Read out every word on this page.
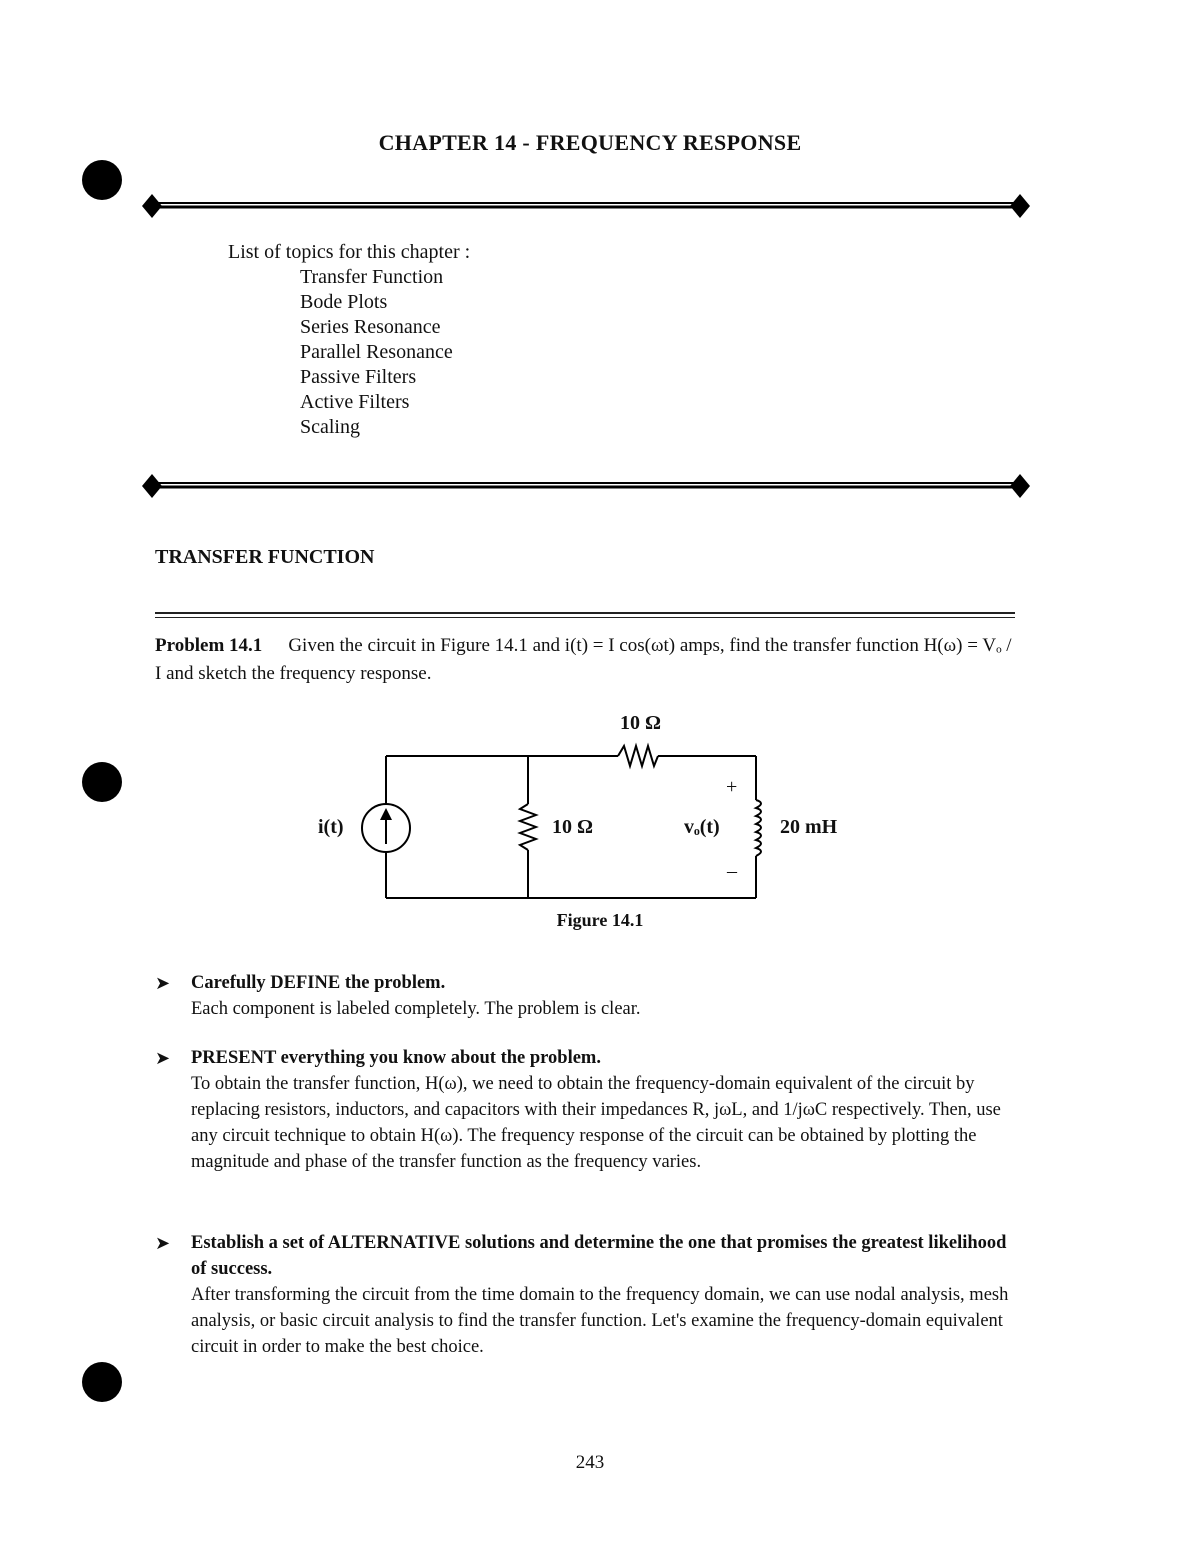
CHAPTER 14 - FREQUENCY RESPONSE
List of topics for this chapter :
Transfer Function
Bode Plots
Series Resonance
Parallel Resonance
Passive Filters
Active Filters
Scaling
TRANSFER FUNCTION
Problem 14.1 Given the circuit in Figure 14.1 and i(t) = I cos(ωt) amps, find the transfer function H(ω) = Vₒ / I and sketch the frequency response.
i(t)
10 Ω
10 Ω	vₒ(t)
+
–
20 mH
Figure 14.1
➤	Carefully DEFINE the problem.
Each component is labeled completely. The problem is clear.
➤	PRESENT everything you know about the problem.
To obtain the transfer function, H(ω), we need to obtain the frequency-domain equivalent of the circuit by replacing resistors, inductors, and capacitors with their impedances R, jωL, and 1/jωC respectively. Then, use any circuit technique to obtain H(ω). The frequency response of the circuit can be obtained by plotting the magnitude and phase of the transfer function as the frequency varies.
➤	Establish a set of ALTERNATIVE solutions and determine the one that promises the greatest likelihood of success.
After transforming the circuit from the time domain to the frequency domain, we can use nodal analysis, mesh analysis, or basic circuit analysis to find the transfer function. Let's examine the frequency-domain equivalent circuit in order to make the best choice.
243
